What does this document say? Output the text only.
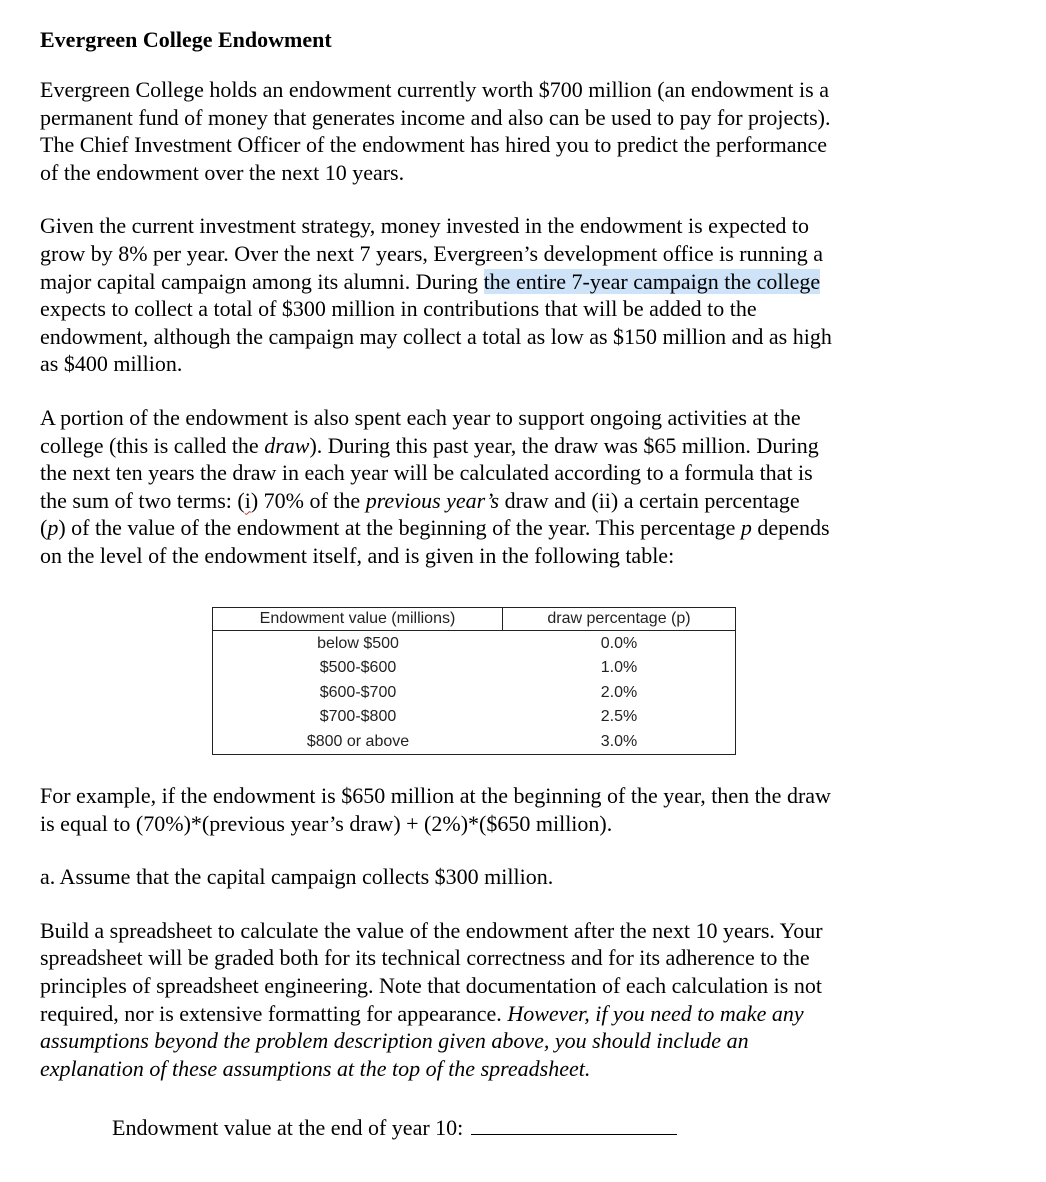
Evergreen College Endowment

Evergreen College holds an endowment currently worth $700 million (an endowment is a
permanent fund of money that generates income and also can be used to pay for projects).
The Chief Investment Officer of the endowment has hired you to predict the performance
of the endowment over the next 10 years.

Given the current investment strategy, money invested in the endowment is expected to
grow by 8% per year. Over the next 7 years, Evergreen’s development office is running a
major capital campaign among its alumni. During the entire 7-year campaign the college
expects to collect a total of $300 million in contributions that will be added to the
endowment, although the campaign may collect a total as low as $150 million and as high
as $400 million.

A portion of the endowment is also spent each year to support ongoing activities at the
college (this is called the draw). During this past year, the draw was $65 million. During
the next ten years the draw in each year will be calculated according to a formula that is
the sum of two terms: (i) 70% of the previous year’s draw and (ii) a certain percentage
(p) of the value of the endowment at the beginning of the year. This percentage p depends
on the level of the endowment itself, and is given in the following table:

Endowment value (millions)	draw percentage (p)
below $500	0.0%
$500-$600	1.0%
$600-$700	2.0%
$700-$800	2.5%
$800 or above	3.0%

For example, if the endowment is $650 million at the beginning of the year, then the draw
is equal to (70%)*(previous year’s draw) + (2%)*($650 million).

a. Assume that the capital campaign collects $300 million.

Build a spreadsheet to calculate the value of the endowment after the next 10 years. Your
spreadsheet will be graded both for its technical correctness and for its adherence to the
principles of spreadsheet engineering. Note that documentation of each calculation is not
required, nor is extensive formatting for appearance. However, if you need to make any
assumptions beyond the problem description given above, you should include an
explanation of these assumptions at the top of the spreadsheet.

Endowment value at the end of year 10:
